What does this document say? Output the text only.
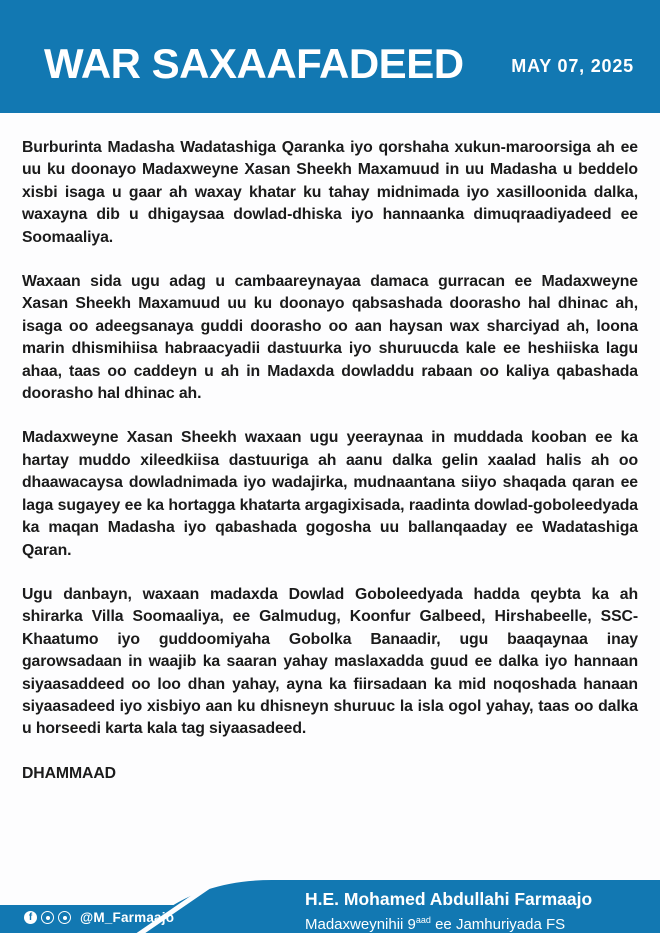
WAR SAXAAFADEED	MAY 07, 2025

Burburinta Madasha Wadatashiga Qaranka iyo qorshaha xukun-maroorsiga ah ee uu ku doonayo Madaxweyne Xasan Sheekh Maxamuud in uu Madasha u beddelo xisbi isaga u gaar ah waxay khatar ku tahay midnimada iyo xasilloonida dalka, waxayna dib u dhigaysaa dowlad-dhiska iyo hannaanka dimuqraadiyadeed ee Soomaaliya.

Waxaan sida ugu adag u cambaareynayaa damaca gurracan ee Madaxweyne Xasan Sheekh Maxamuud uu ku doonayo qabsashada doorasho hal dhinac ah, isaga oo adeegsanaya guddi doorasho oo aan haysan wax sharciyad ah, loona marin dhismihiisa habraacyadii dastuurka iyo shuruucda kale ee heshiiska lagu ahaa, taas oo caddeyn u ah in Madaxda dowladdu rabaan oo kaliya qabashada doorasho hal dhinac ah.

Madaxweyne Xasan Sheekh waxaan ugu yeeraynaa in muddada kooban ee ka hartay muddo xileedkiisa dastuuriga ah aanu dalka gelin xaalad halis ah oo dhaawacaysa dowladnimada iyo wadajirka, mudnaantana siiyo shaqada qaran ee laga sugayey ee ka hortagga khatarta argagixisada, raadinta dowlad-goboleedyada ka maqan Madasha iyo qabashada gogosha uu ballanqaaday ee Wadatashiga Qaran.

Ugu danbayn, waxaan madaxda Dowlad Goboleedyada hadda qeybta ka ah shirarka Villa Soomaaliya, ee Galmudug, Koonfur Galbeed, Hirshabeelle, SSC-Khaatumo iyo guddoomiyaha Gobolka Banaadir, ugu baaqaynaa inay garowsadaan in waajib ka saaran yahay maslaxadda guud ee dalka iyo hannaan siyaasaddeed oo loo dhan yahay, ayna ka fiirsadaan ka mid noqoshada hanaan siyaasadeed iyo xisbiyo aan ku dhisneyn shuruuc la isla ogol yahay, taas oo dalka u horseedi karta kala tag siyaasadeed.

DHAMMAAD

H.E. Mohamed Abdullahi Farmaajo
Madaxweynihii $9^{aad}$ ee Jamhuriyada FS
f	@M_Farmaajo
